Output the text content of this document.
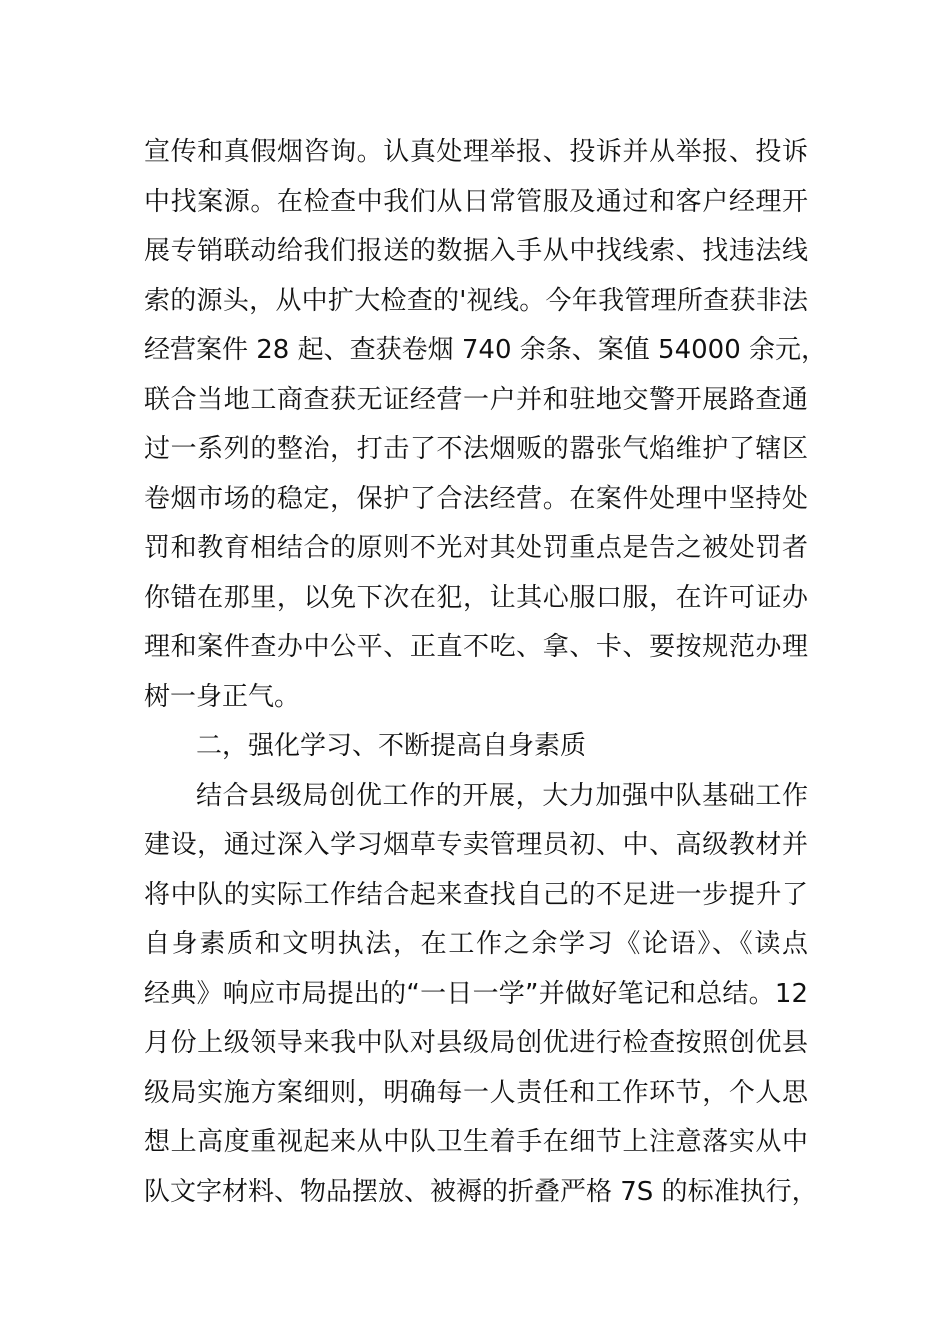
宣传和真假烟咨询。认真处理举报、投诉并从举报、投诉
中找案源。在检查中我们从日常管服及通过和客户经理开
展专销联动给我们报送的数据入手从中找线索、找违法线
索的源头，从中扩大检查的'视线。今年我管理所查获非法
经营案件 28 起、查获卷烟 740 余条、案值 54000 余元，
联合当地工商查获无证经营一户并和驻地交警开展路查通
过一系列的整治，打击了不法烟贩的嚣张气焰维护了辖区
卷烟市场的稳定，保护了合法经营。在案件处理中坚持处
罚和教育相结合的原则不光对其处罚重点是告之被处罚者
你错在那里，以免下次在犯，让其心服口服，在许可证办
理和案件查办中公平、正直不吃、拿、卡、要按规范办理
树一身正气。
二，强化学习、不断提高自身素质
结合县级局创优工作的开展，大力加强中队基础工作
建设，通过深入学习烟草专卖管理员初、中、高级教材并
将中队的实际工作结合起来查找自己的不足进一步提升了
自身素质和文明执法，在工作之余学习《论语》、《读点
经典》响应市局提出的“一日一学”并做好笔记和总结。12
月份上级领导来我中队对县级局创优进行检查按照创优县
级局实施方案细则，明确每一人责任和工作环节，个人思
想上高度重视起来从中队卫生着手在细节上注意落实从中
队文字材料、物品摆放、被褥的折叠严格 7S 的标准执行，
